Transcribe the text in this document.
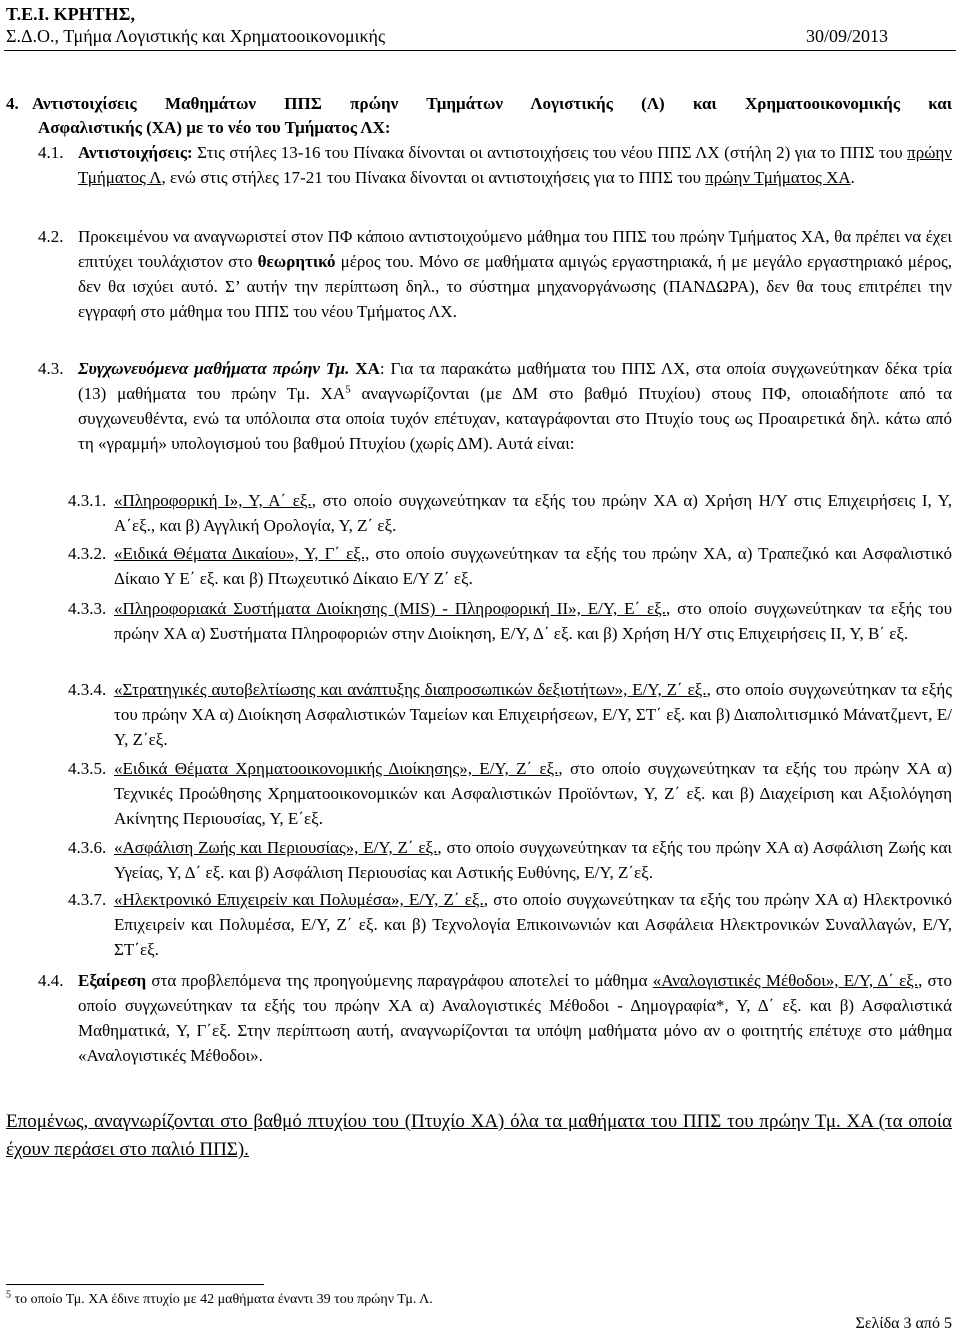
Τ.Ε.Ι. ΚΡΗΤΗΣ,
Σ.Δ.Ο., Τμήμα Λογιστικής και Χρηματοοικονομικής	30/09/2013
4. Αντιστοιχίσεις Μαθημάτων ΠΠΣ πρώην Τμημάτων Λογιστικής (Λ) και Χρηματοοικονομικής και
Ασφαλιστικής (ΧΑ) με το νέο του Τμήματος ΛΧ:
4.1. Αντιστοιχήσεις: Στις στήλες 13-16 του Πίνακα δίνονται οι αντιστοιχήσεις του νέου ΠΠΣ ΛΧ (στήλη 2) για το ΠΠΣ του πρώην Τμήματος Λ, ενώ στις στήλες 17-21 του Πίνακα δίνονται οι αντιστοιχήσεις για το ΠΠΣ του πρώην Τμήματος ΧΑ.
4.2. Προκειμένου να αναγνωριστεί στον ΠΦ κάποιο αντιστοιχούμενο μάθημα του ΠΠΣ του πρώην Τμήματος ΧΑ, θα πρέπει να έχει επιτύχει τουλάχιστον στο θεωρητικό μέρος του. Μόνο σε μαθήματα αμιγώς εργαστηριακά, ή με μεγάλο εργαστηριακό μέρος, δεν θα ισχύει αυτό. Σ’ αυτήν την περίπτωση δηλ., το σύστημα μηχανοργάνωσης (ΠΑΝΔΩΡΑ), δεν θα τους επιτρέπει την εγγραφή στο μάθημα του ΠΠΣ του νέου Τμήματος ΛΧ.
4.3. Συγχωνευόμενα μαθήματα πρώην Τμ. ΧΑ: Για τα παρακάτω μαθήματα του ΠΠΣ ΛΧ, στα οποία συγχωνεύτηκαν δέκα τρία (13) μαθήματα του πρώην Τμ. $XA^5$ αναγνωρίζονται (με ΔΜ στο βαθμό Πτυχίου) στους ΠΦ, οποιαδήποτε από τα συγχωνευθέντα, ενώ τα υπόλοιπα στα οποία τυχόν επέτυχαν, καταγράφονται στο Πτυχίο τους ως Προαιρετικά δηλ. κάτω από τη «γραμμή» υπολογισμού του βαθμού Πτυχίου (χωρίς ΔΜ). Αυτά είναι:
4.3.1. «Πληροφορική Ι», Υ, Α΄ εξ., στο οποίο συγχωνεύτηκαν τα εξής του πρώην ΧΑ α) Χρήση Η/Υ στις Επιχειρήσεις Ι, Υ, Α΄εξ., και β) Αγγλική Ορολογία, Υ, Ζ΄ εξ.
4.3.2. «Ειδικά Θέματα Δικαίου», Υ, Γ΄ εξ., στο οποίο συγχωνεύτηκαν τα εξής του πρώην ΧΑ, α) Τραπεζικό και Ασφαλιστικό Δίκαιο Υ Ε΄ εξ. και β) Πτωχευτικό Δίκαιο Ε/Υ Ζ΄ εξ.
4.3.3. «Πληροφοριακά Συστήματα Διοίκησης (MIS) - Πληροφορική ΙΙ», Ε/Υ, Ε΄ εξ., στο οποίο συγχωνεύτηκαν τα εξής του πρώην ΧΑ α) Συστήματα Πληροφοριών στην Διοίκηση, Ε/Υ, Δ΄ εξ. και β) Χρήση Η/Υ στις Επιχειρήσεις ΙΙ, Υ, Β΄ εξ.
4.3.4. «Στρατηγικές αυτοβελτίωσης και ανάπτυξης διαπροσωπικών δεξιοτήτων», Ε/Υ, Ζ΄ εξ., στο οποίο συγχωνεύτηκαν τα εξής του πρώην ΧΑ α) Διοίκηση Ασφαλιστικών Ταμείων και Επιχειρήσεων, Ε/Υ, ΣΤ΄ εξ. και β) Διαπολιτισμικό Μάνατζμεντ, Ε/Υ, Ζ΄εξ.
4.3.5. «Ειδικά Θέματα Χρηματοοικονομικής Διοίκησης», Ε/Υ, Ζ΄ εξ., στο οποίο συγχωνεύτηκαν τα εξής του πρώην ΧΑ α) Τεχνικές Προώθησης Χρηματοοικονομικών και Ασφαλιστικών Προϊόντων, Υ, Ζ΄ εξ. και β) Διαχείριση και Αξιολόγηση Ακίνητης Περιουσίας, Υ, Ε΄εξ.
4.3.6. «Ασφάλιση Ζωής και Περιουσίας», Ε/Υ, Ζ΄ εξ., στο οποίο συγχωνεύτηκαν τα εξής του πρώην ΧΑ α) Ασφάλιση Ζωής και Υγείας, Υ, Δ΄ εξ. και β) Ασφάλιση Περιουσίας και Αστικής Ευθύνης, Ε/Υ, Ζ΄εξ.
4.3.7. «Ηλεκτρονικό Επιχειρείν και Πολυμέσα», Ε/Υ, Ζ΄ εξ., στο οποίο συγχωνεύτηκαν τα εξής του πρώην ΧΑ α) Ηλεκτρονικό Επιχειρείν και Πολυμέσα, Ε/Υ, Ζ΄ εξ. και β) Τεχνολογία Επικοινωνιών και Ασφάλεια Ηλεκτρονικών Συναλλαγών, Ε/Υ, ΣΤ΄εξ.
4.4. Εξαίρεση στα προβλεπόμενα της προηγούμενης παραγράφου αποτελεί το μάθημα «Αναλογιστικές Μέθοδοι», Ε/Υ, Δ΄ εξ., στο οποίο συγχωνεύτηκαν τα εξής του πρώην ΧΑ α) Αναλογιστικές Μέθοδοι - Δημογραφία*, Υ, Δ΄ εξ. και β) Ασφαλιστικά Μαθηματικά, Υ, Γ΄εξ. Στην περίπτωση αυτή, αναγνωρίζονται τα υπόψη μαθήματα μόνο αν ο φοιτητής επέτυχε στο μάθημα «Αναλογιστικές Μέθοδοι».
Επομένως, αναγνωρίζονται στο βαθμό πτυχίου του (Πτυχίο ΧΑ) όλα τα μαθήματα του ΠΠΣ του πρώην Τμ. ΧΑ (τα οποία έχουν περάσει στο παλιό ΠΠΣ).
$^5$ το οποίο Τμ. ΧΑ έδινε πτυχίο με 42 μαθήματα έναντι 39 του πρώην Τμ. Λ.
Σελίδα 3 από 5
